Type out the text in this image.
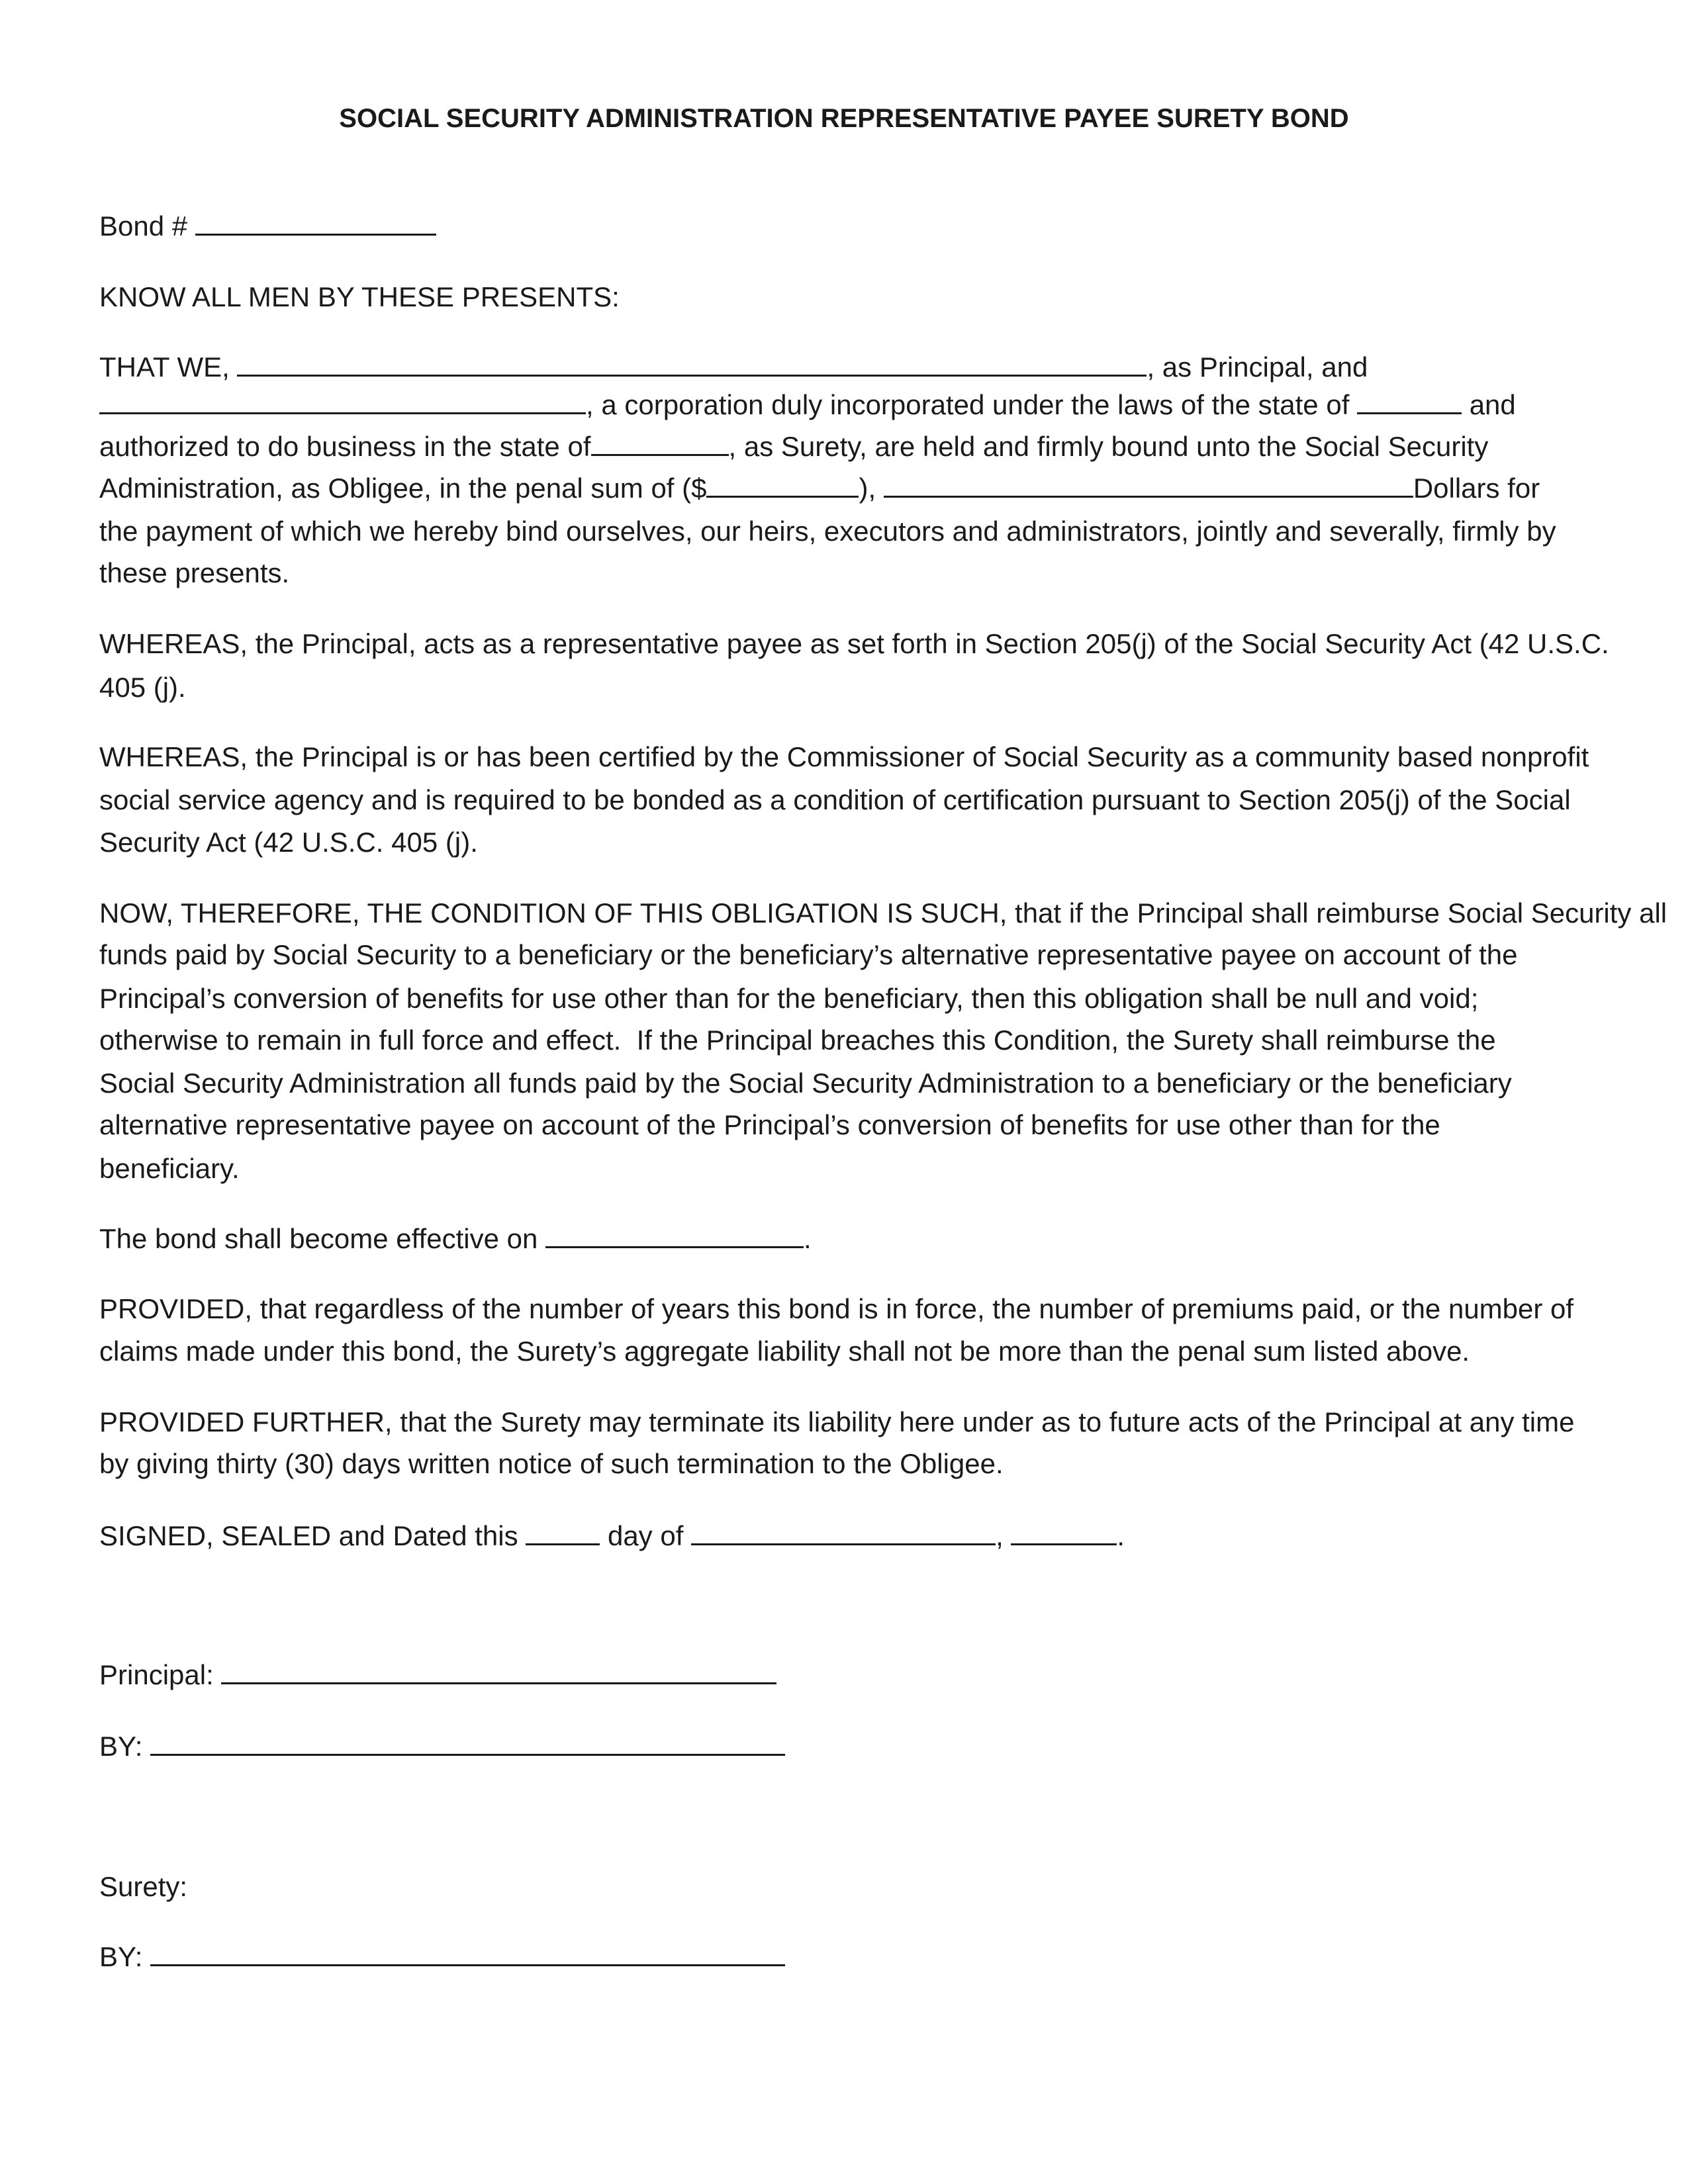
SOCIAL SECURITY ADMINISTRATION REPRESENTATIVE PAYEE SURETY BOND
Bond #
KNOW ALL MEN BY THESE PRESENTS:
THAT WE,	, as Principal, and
, a corporation duly incorporated under the laws of the state of	and
authorized to do business in the state of	, as Surety, are held and firmly bound unto the Social Security
Administration, as Obligee, in the penal sum of ($	),	Dollars for
the payment of which we hereby bind ourselves, our heirs, executors and administrators, jointly and severally, firmly by
these presents.
WHEREAS, the Principal, acts as a representative payee as set forth in Section 205(j) of the Social Security Act (42 U.S.C.
405 (j).
WHEREAS, the Principal is or has been certified by the Commissioner of Social Security as a community based nonprofit
social service agency and is required to be bonded as a condition of certification pursuant to Section 205(j) of the Social
Security Act (42 U.S.C. 405 (j).
NOW, THEREFORE, THE CONDITION OF THIS OBLIGATION IS SUCH, that if the Principal shall reimburse Social Security all
funds paid by Social Security to a beneficiary or the beneficiary’s alternative representative payee on account of the
Principal’s conversion of benefits for use other than for the beneficiary, then this obligation shall be null and void;
otherwise to remain in full force and effect.  If the Principal breaches this Condition, the Surety shall reimburse the
Social Security Administration all funds paid by the Social Security Administration to a beneficiary or the beneficiary
alternative representative payee on account of the Principal’s conversion of benefits for use other than for the
beneficiary.
The bond shall become effective on	.
PROVIDED, that regardless of the number of years this bond is in force, the number of premiums paid, or the number of
claims made under this bond, the Surety’s aggregate liability shall not be more than the penal sum listed above.
PROVIDED FURTHER, that the Surety may terminate its liability here under as to future acts of the Principal at any time
by giving thirty (30) days written notice of such termination to the Obligee.
SIGNED, SEALED and Dated this	day of	,	.
Principal:
BY:
Surety:
BY:
